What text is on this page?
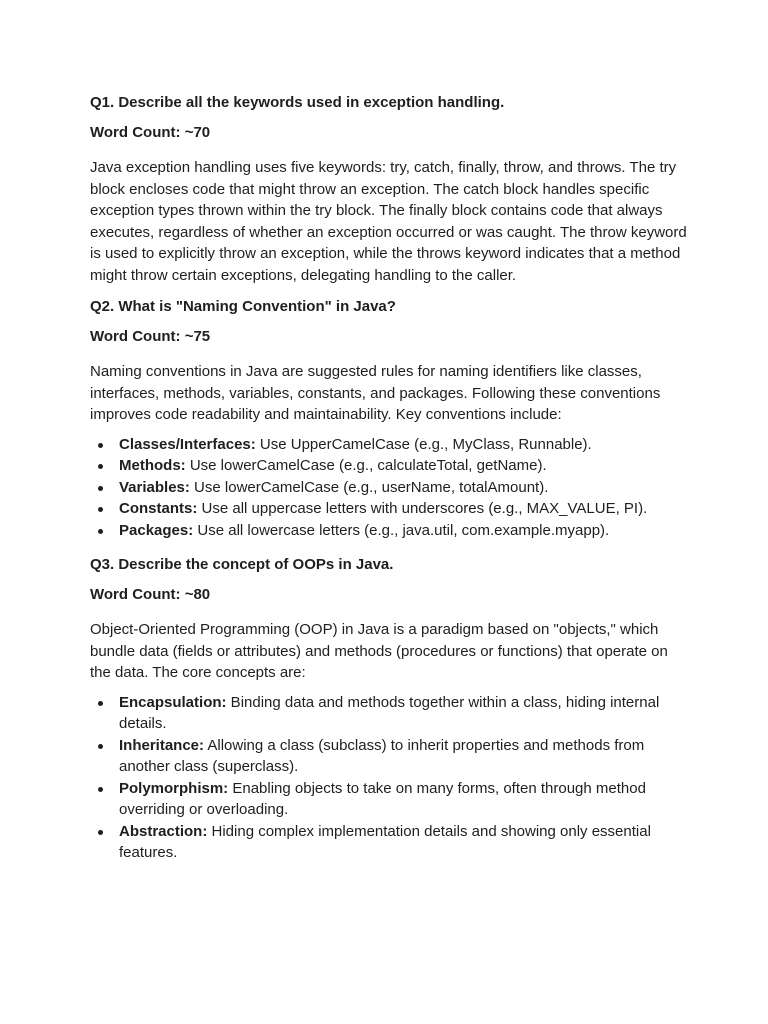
Q1. Describe all the keywords used in exception handling.

Word Count: ~70

Java exception handling uses five keywords: try, catch, finally, throw, and throws. The try block encloses code that might throw an exception. The catch block handles specific exception types thrown within the try block. The finally block contains code that always executes, regardless of whether an exception occurred or was caught. The throw keyword is used to explicitly throw an exception, while the throws keyword indicates that a method might throw certain exceptions, delegating handling to the caller.

Q2. What is "Naming Convention" in Java?

Word Count: ~75

Naming conventions in Java are suggested rules for naming identifiers like classes, interfaces, methods, variables, constants, and packages. Following these conventions improves code readability and maintainability. Key conventions include:

Classes/Interfaces: Use UpperCamelCase (e.g., MyClass, Runnable).
Methods: Use lowerCamelCase (e.g., calculateTotal, getName).
Variables: Use lowerCamelCase (e.g., userName, totalAmount).
Constants: Use all uppercase letters with underscores (e.g., MAX_VALUE, PI).
Packages: Use all lowercase letters (e.g., java.util, com.example.myapp).

Q3. Describe the concept of OOPs in Java.

Word Count: ~80

Object-Oriented Programming (OOP) in Java is a paradigm based on "objects," which bundle data (fields or attributes) and methods (procedures or functions) that operate on the data. The core concepts are:

Encapsulation: Binding data and methods together within a class, hiding internal details.
Inheritance: Allowing a class (subclass) to inherit properties and methods from another class (superclass).
Polymorphism: Enabling objects to take on many forms, often through method overriding or overloading.
Abstraction: Hiding complex implementation details and showing only essential features.
